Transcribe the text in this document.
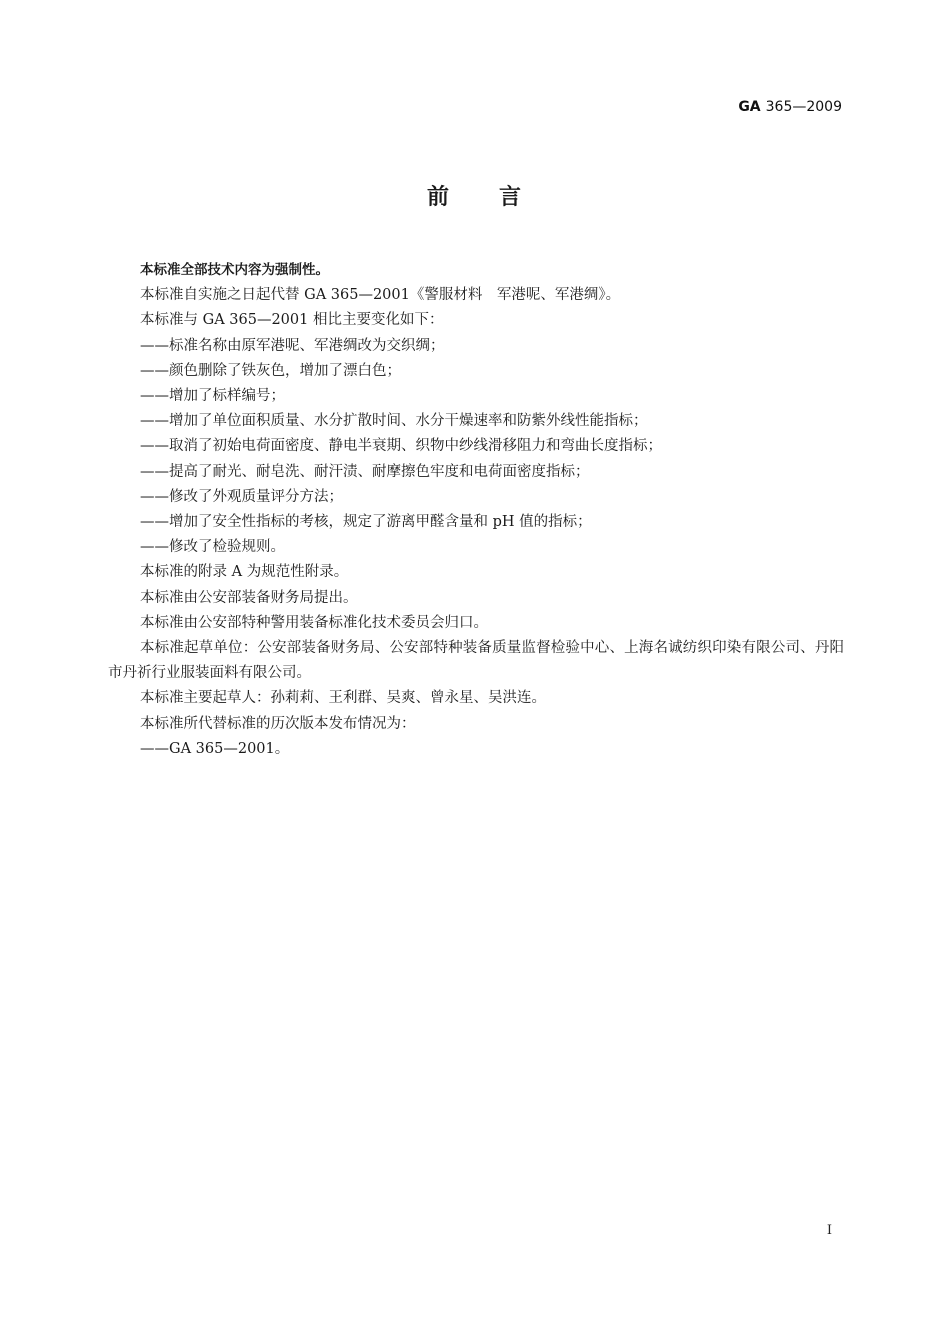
GA 365—2009
前 言
本标准全部技术内容为强制性。
本标准自实施之日起代替 GA 365—2001《警服材料　军港呢、军港绸》。
本标准与 GA 365—2001 相比主要变化如下：
——标准名称由原军港呢、军港绸改为交织绸；
——颜色删除了铁灰色，增加了漂白色；
——增加了标样编号；
——增加了单位面积质量、水分扩散时间、水分干燥速率和防紫外线性能指标；
——取消了初始电荷面密度、静电半衰期、织物中纱线滑移阻力和弯曲长度指标；
——提高了耐光、耐皂洗、耐汗渍、耐摩擦色牢度和电荷面密度指标；
——修改了外观质量评分方法；
——增加了安全性指标的考核，规定了游离甲醛含量和 pH 值的指标；
——修改了检验规则。
本标准的附录 A 为规范性附录。
本标准由公安部装备财务局提出。
本标准由公安部特种警用装备标准化技术委员会归口。
本标准起草单位：公安部装备财务局、公安部特种装备质量监督检验中心、上海名诚纺织印染有限公司、丹阳市丹祈行业服装面料有限公司。
本标准主要起草人：孙莉莉、王利群、吴爽、曾永星、吴洪连。
本标准所代替标准的历次版本发布情况为：
——GA 365—2001。
I
